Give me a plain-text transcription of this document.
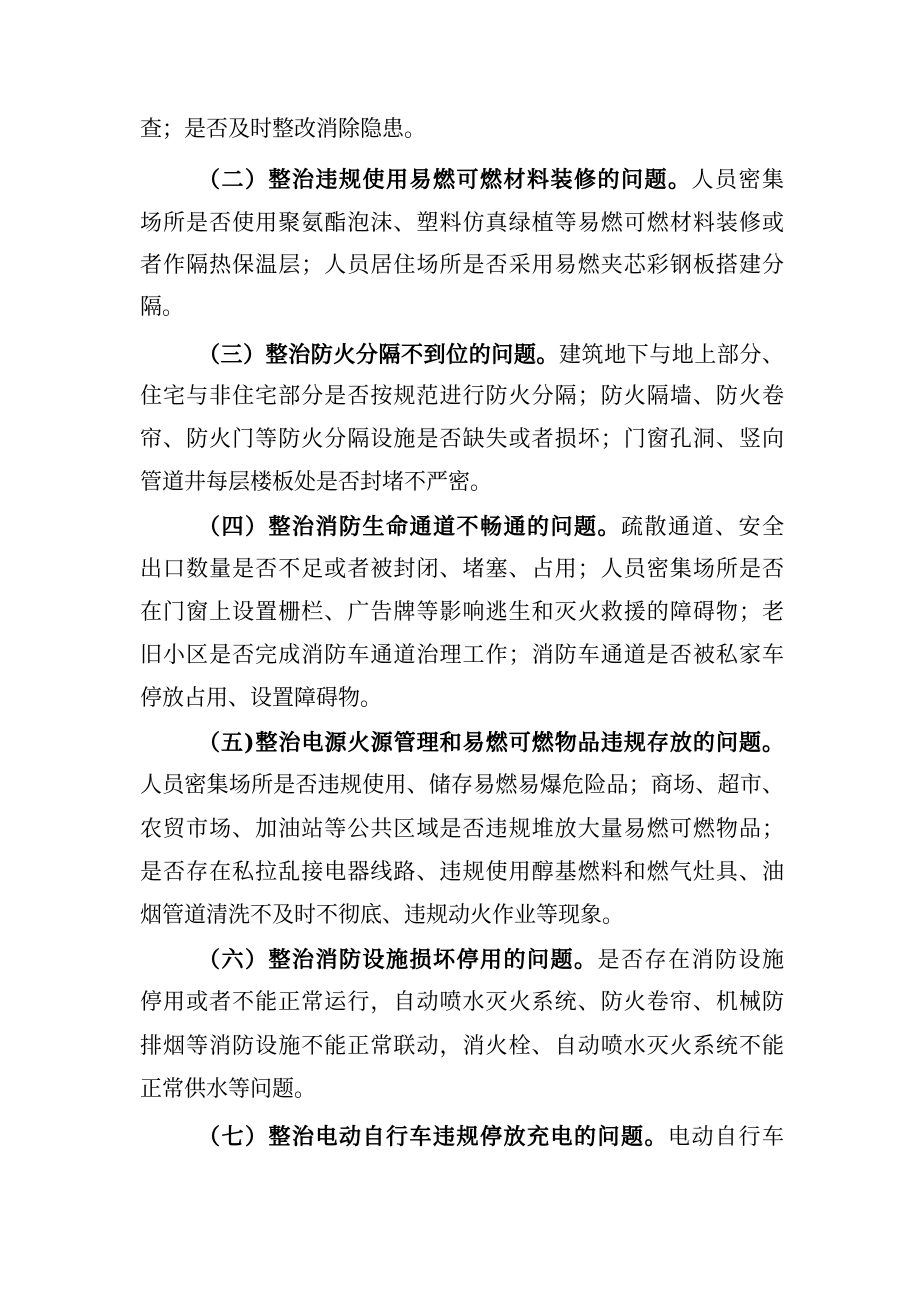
查；是否及时整改消除隐患。
（二）整治违规使用易燃可燃材料装修的问题。人员密集
场所是否使用聚氨酯泡沫、塑料仿真绿植等易燃可燃材料装修或
者作隔热保温层；人员居住场所是否采用易燃夹芯彩钢板搭建分
隔。
（三）整治防火分隔不到位的问题。建筑地下与地上部分、
住宅与非住宅部分是否按规范进行防火分隔；防火隔墙、防火卷
帘、防火门等防火分隔设施是否缺失或者损坏；门窗孔洞、竖向
管道井每层楼板处是否封堵不严密。
（四）整治消防生命通道不畅通的问题。疏散通道、安全
出口数量是否不足或者被封闭、堵塞、占用；人员密集场所是否
在门窗上设置栅栏、广告牌等影响逃生和灭火救援的障碍物；老
旧小区是否完成消防车通道治理工作；消防车通道是否被私家车
停放占用、设置障碍物。
（五)整治电源火源管理和易燃可燃物品违规存放的问题。
人员密集场所是否违规使用、储存易燃易爆危险品；商场、超市、
农贸市场、加油站等公共区域是否违规堆放大量易燃可燃物品；
是否存在私拉乱接电器线路、违规使用醇基燃料和燃气灶具、油
烟管道清洗不及时不彻底、违规动火作业等现象。
（六）整治消防设施损坏停用的问题。是否存在消防设施
停用或者不能正常运行，自动喷水灭火系统、防火卷帘、机械防
排烟等消防设施不能正常联动，消火栓、自动喷水灭火系统不能
正常供水等问题。
（七）整治电动自行车违规停放充电的问题。电动自行车
